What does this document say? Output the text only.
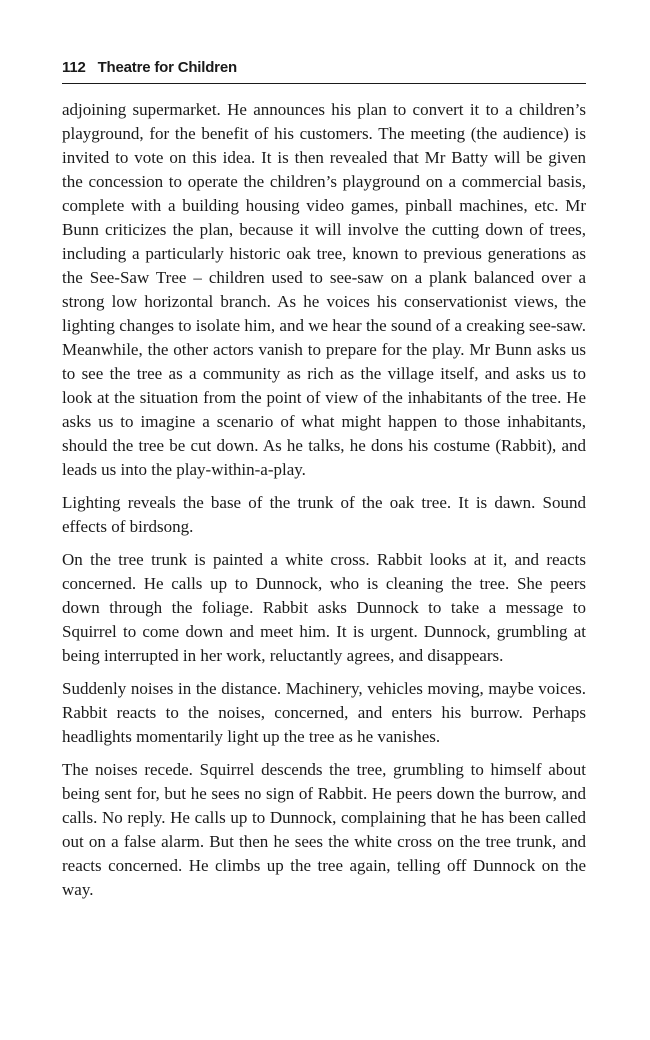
112 Theatre for Children

adjoining supermarket. He announces his plan to convert it to a children’s playground, for the benefit of his customers. The meeting (the audience) is invited to vote on this idea. It is then revealed that Mr Batty will be given the concession to operate the children’s playground on a commercial basis, complete with a building housing video games, pinball machines, etc. Mr Bunn criticizes the plan, because it will involve the cutting down of trees, including a particularly historic oak tree, known to previous generations as the See-Saw Tree – children used to see-saw on a plank balanced over a strong low horizontal branch. As he voices his conservationist views, the lighting changes to isolate him, and we hear the sound of a creaking see-saw. Meanwhile, the other actors vanish to prepare for the play. Mr Bunn asks us to see the tree as a community as rich as the village itself, and asks us to look at the situation from the point of view of the inhabitants of the tree. He asks us to imagine a scenario of what might happen to those inhabitants, should the tree be cut down. As he talks, he dons his costume (Rabbit), and leads us into the play-within-a-play.

Lighting reveals the base of the trunk of the oak tree. It is dawn. Sound effects of birdsong.

On the tree trunk is painted a white cross. Rabbit looks at it, and reacts concerned. He calls up to Dunnock, who is cleaning the tree. She peers down through the foliage. Rabbit asks Dunnock to take a message to Squirrel to come down and meet him. It is urgent. Dunnock, grumbling at being interrupted in her work, reluctantly agrees, and disappears.

Suddenly noises in the distance. Machinery, vehicles moving, maybe voices. Rabbit reacts to the noises, concerned, and enters his burrow. Perhaps headlights momentarily light up the tree as he vanishes.

The noises recede. Squirrel descends the tree, grumbling to himself about being sent for, but he sees no sign of Rabbit. He peers down the burrow, and calls. No reply. He calls up to Dunnock, complaining that he has been called out on a false alarm. But then he sees the white cross on the tree trunk, and reacts concerned. He climbs up the tree again, telling off Dunnock on the way.
